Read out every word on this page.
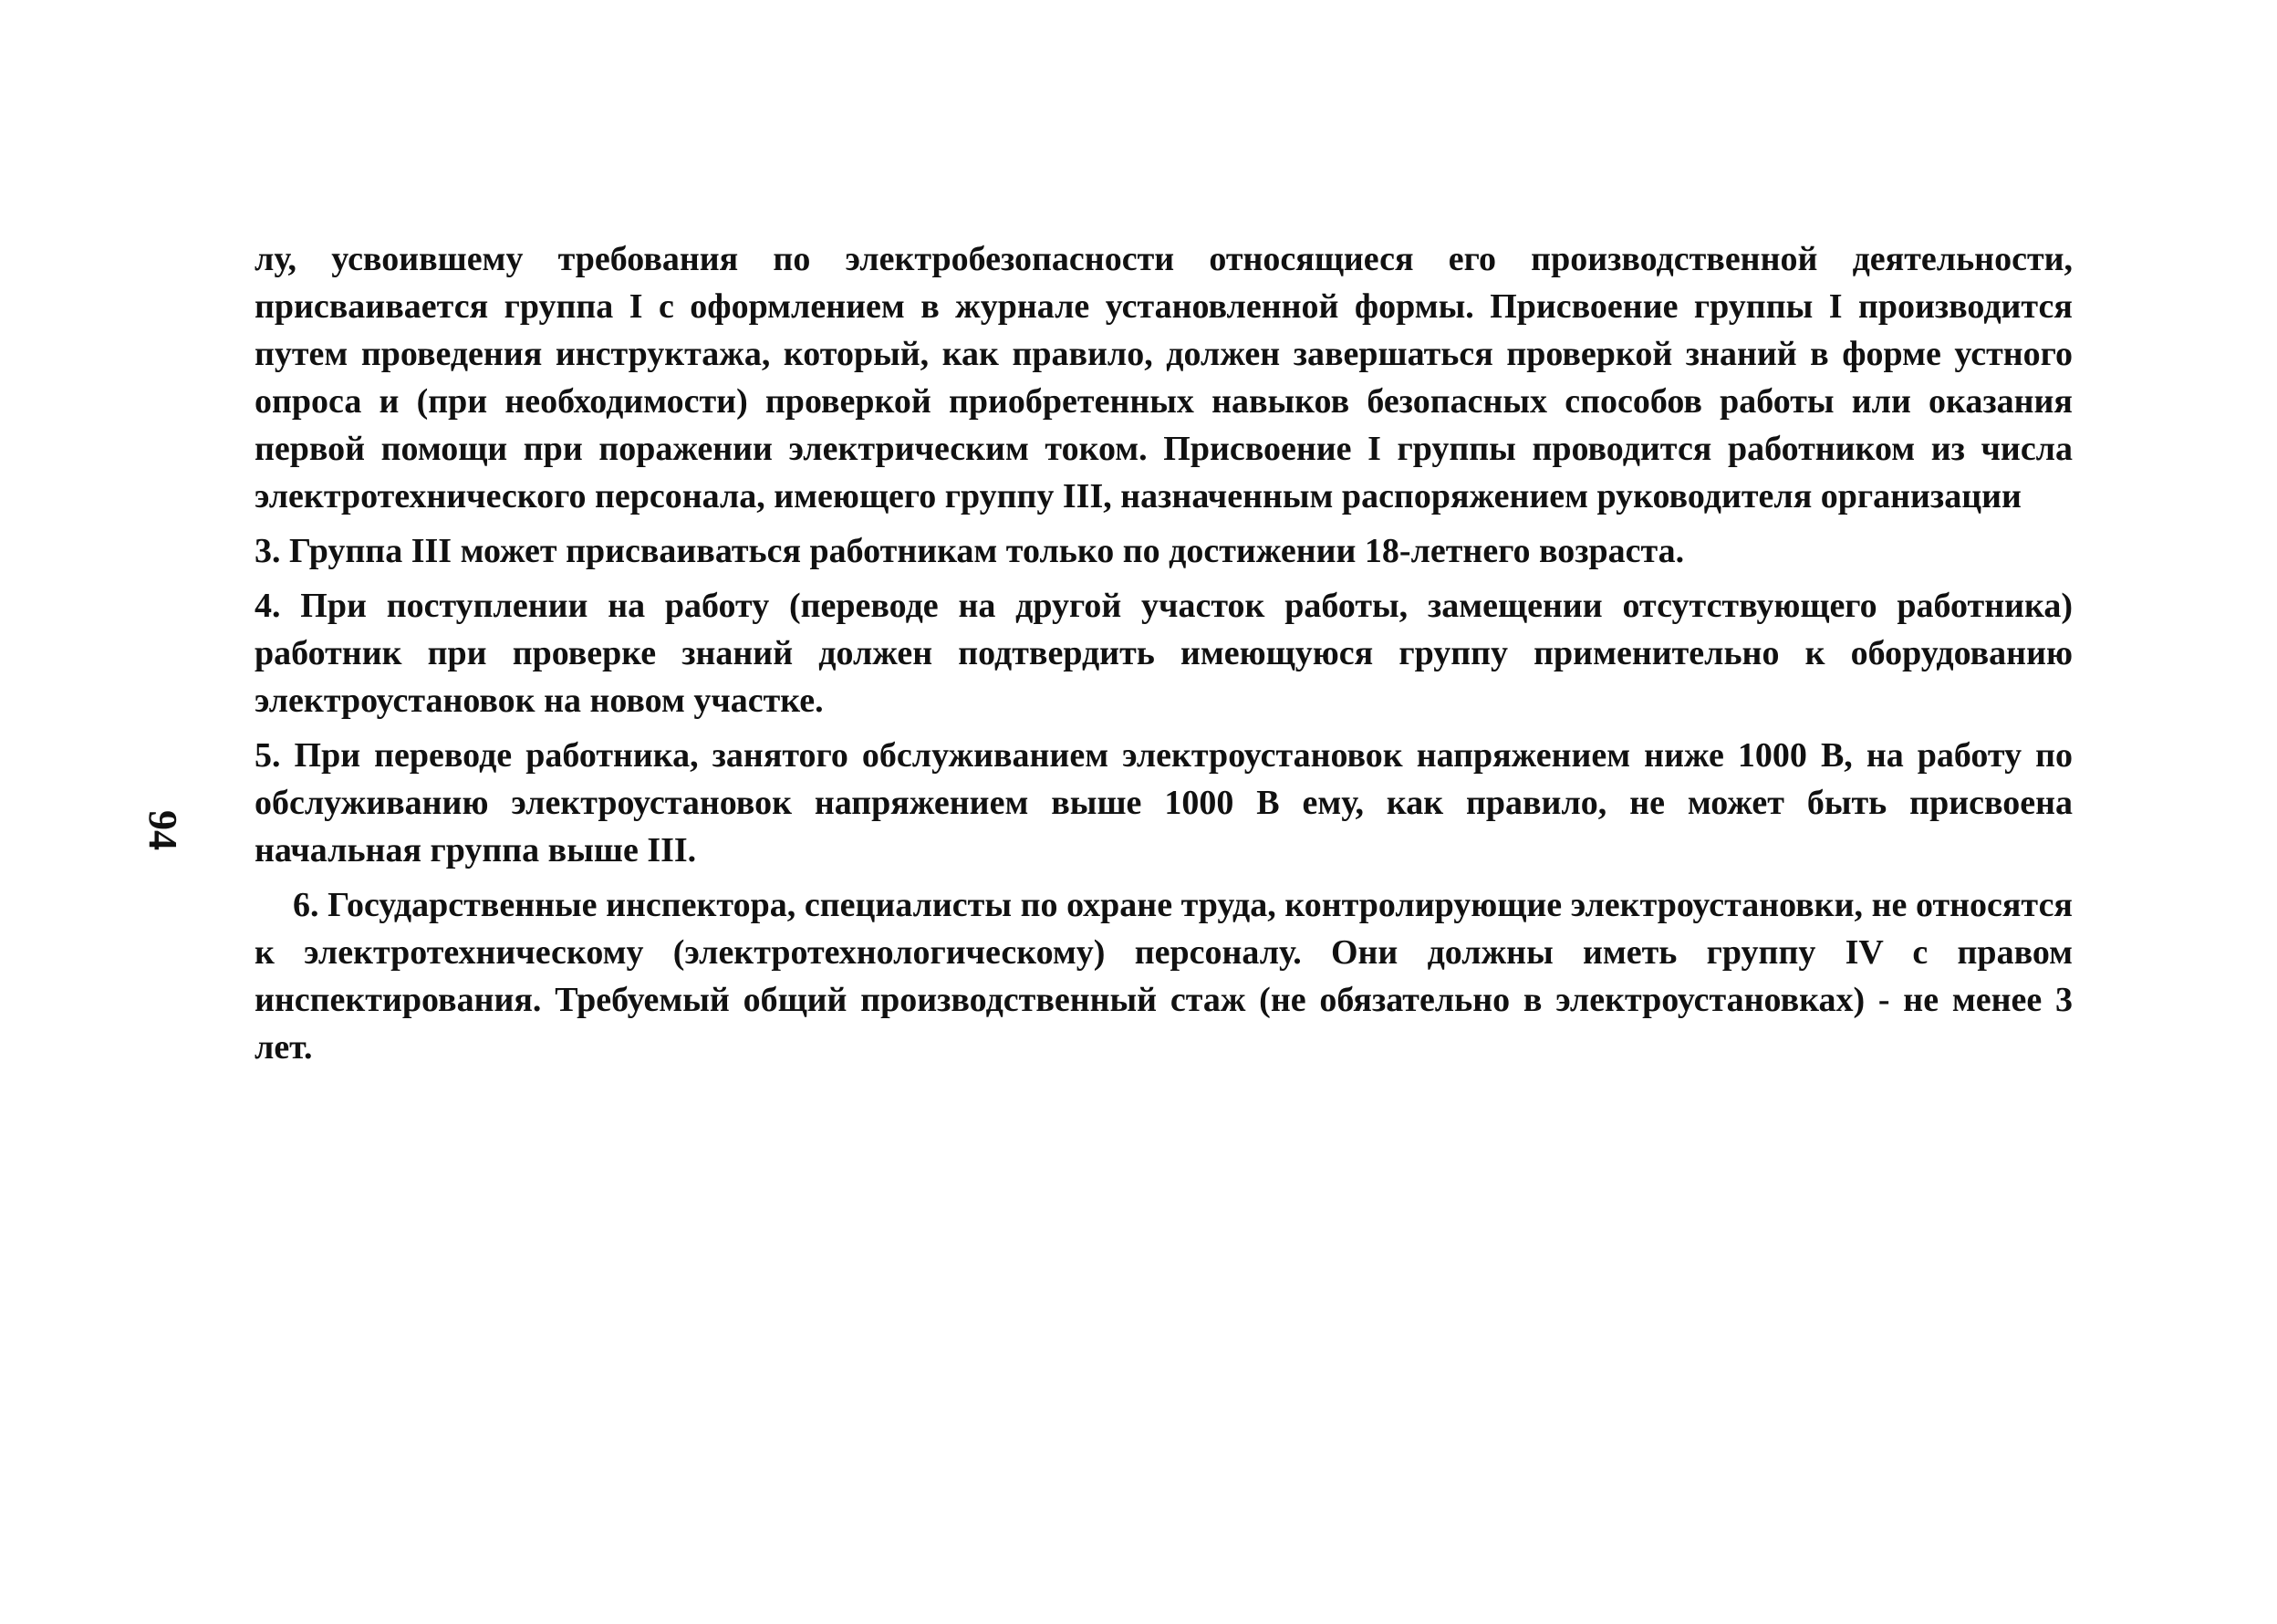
94

лу, усвоившему требования по электробезопасности относящиеся его производственной деятельности, присваивается группа I с оформлением в журнале установленной формы. Присвоение группы I производится путем проведения инструктажа, который, как правило, должен завершаться проверкой знаний в форме устного опроса и (при необходимости) проверкой приобретенных навыков безопасных способов работы или оказания первой помощи при поражении электрическим током. Присвоение I группы проводится работником из числа электротехнического персонала, имеющего группу III, назначенным распоряжением руководителя организации

3. Группа III может присваиваться работникам только по достижении 18-летнего возраста.

4. При поступлении на работу (переводе на другой участок работы, замещении отсутствующего работника) работник при проверке знаний должен подтвердить имеющуюся группу применительно к оборудованию электроустановок на новом участке.

5. При переводе работника, занятого обслуживанием электроустановок напряжением ниже 1000 В, на работу по обслуживанию электроустановок напряжением выше 1000 В ему, как правило, не может быть присвоена начальная группа выше III.

6. Государственные инспектора, специалисты по охране труда, контролирующие электроустановки, не относятся к электротехническому (электротехнологическому) персоналу. Они должны иметь группу IV с правом инспектирования. Требуемый общий производственный стаж (не обязательно в электроустановках) - не менее 3 лет.
